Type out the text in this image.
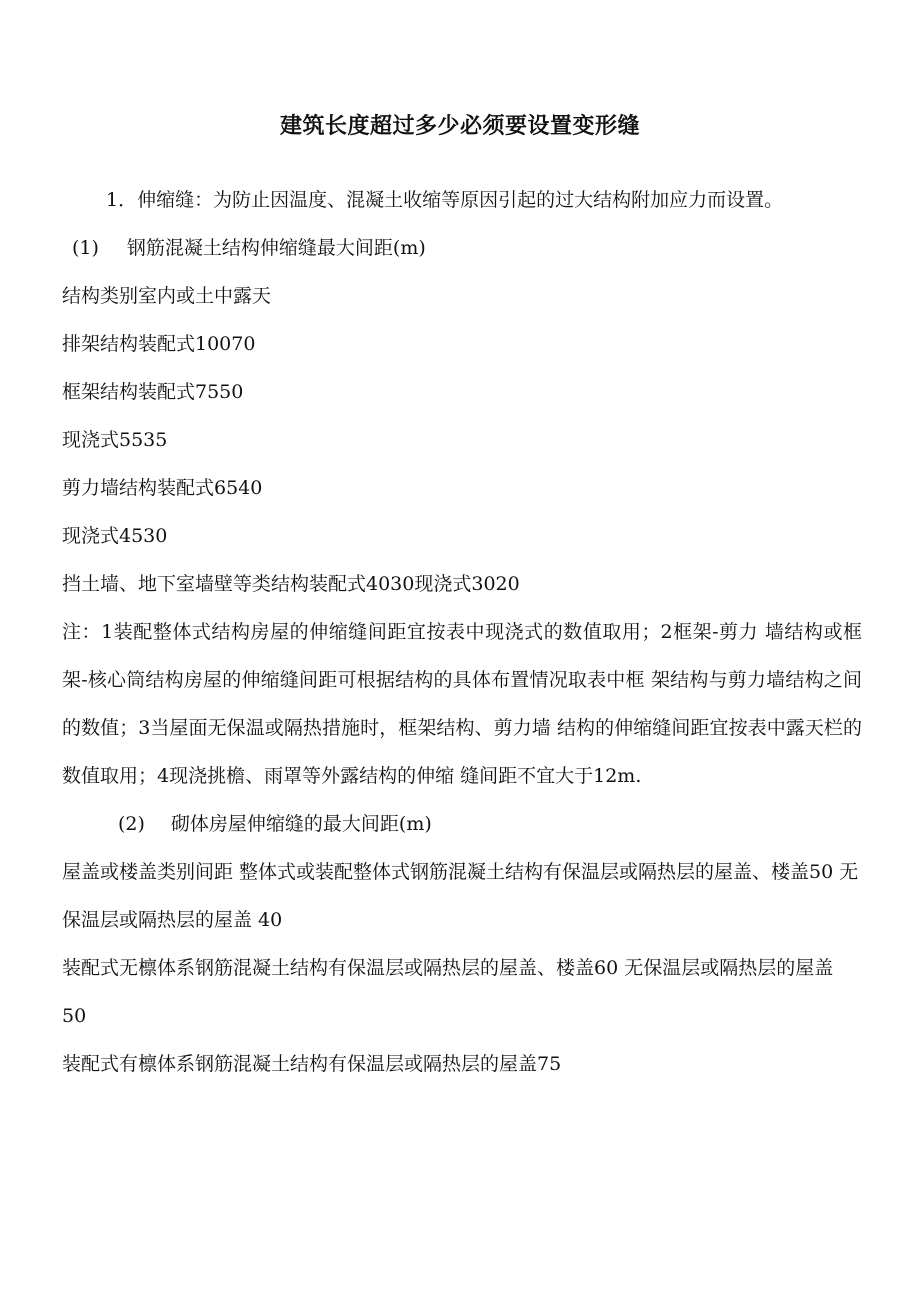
建筑长度超过多少必须要设置变形缝

1．伸缩缝：为防止因温度、混凝土收缩等原因引起的过大结构附加应力而设置。

(1) 钢筋混凝土结构伸缩缝最大间距(m)

结构类别室内或土中露天

排架结构装配式10070

框架结构装配式7550

现浇式5535

剪力墙结构装配式6540

现浇式4530

挡土墙、地下室墙壁等类结构装配式4030现浇式3020

注：1装配整体式结构房屋的伸缩缝间距宜按表中现浇式的数值取用；2框架-剪力 墙结构或框架-核心筒结构房屋的伸缩缝间距可根据结构的具体布置情况取表中框 架结构与剪力墙结构之间的数值；3当屋面无保温或隔热措施时，框架结构、剪力墙 结构的伸缩缝间距宜按表中露天栏的数值取用；4现浇挑檐、雨罩等外露结构的伸缩 缝间距不宜大于12m.

(2) 砌体房屋伸缩缝的最大间距(m)

屋盖或楼盖类别间距 整体式或装配整体式钢筋混凝土结构有保温层或隔热层的屋盖、楼盖50 无保温层或隔热层的屋盖 40

装配式无檩体系钢筋混凝土结构有保温层或隔热层的屋盖、楼盖60 无保温层或隔热层的屋盖 50

装配式有檩体系钢筋混凝土结构有保温层或隔热层的屋盖75
